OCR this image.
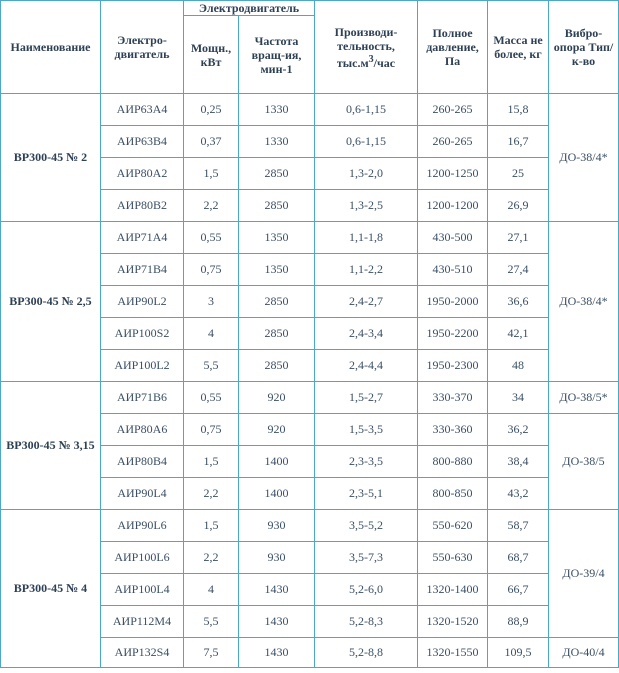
Наименование	Электро-двигатель	Электродвигатель		Производи-тельность, $тыс.м^3$/час	Полное давление, Па	Масса не более, кг	Вибро-опора Тип/к-во
		Мощн., кВт	Частота вращ-ия, мин-1				
ВР300-45 № 2	АИР63А4	0,25	1330	0,6-1,15	260-265	15,8	ДО-38/4*
	АИР63В4	0,37	1330	0,6-1,15	260-265	16,7	
	АИР80А2	1,5	2850	1,3-2,0	1200-1250	25	
	АИР80В2	2,2	2850	1,3-2,5	1200-1200	26,9	
ВР300-45 № 2,5	АИР71А4	0,55	1350	1,1-1,8	430-500	27,1	ДО-38/4*
	АИР71В4	0,75	1350	1,1-2,2	430-510	27,4	
	АИР90L2	3	2850	2,4-2,7	1950-2000	36,6	
	АИР100S2	4	2850	2,4-3,4	1950-2200	42,1	
	АИР100L2	5,5	2850	2,4-4,4	1950-2300	48	
ВР300-45 № 3,15	АИР71В6	0,55	920	1,5-2,7	330-370	34	ДО-38/5*
	АИР80А6	0,75	920	1,5-3,5	330-360	36,2	ДО-38/5
	АИР80В4	1,5	1400	2,3-3,5	800-880	38,4	
	АИР90L4	2,2	1400	2,3-5,1	800-850	43,2	
ВР300-45 № 4	АИР90L6	1,5	930	3,5-5,2	550-620	58,7	ДО-39/4
	АИР100L6	2,2	930	3,5-7,3	550-630	68,7	
	АИР100L4	4	1430	5,2-6,0	1320-1400	66,7	
	АИР112М4	5,5	1430	5,2-8,3	1320-1520	88,9	
	АИР132S4	7,5	1430	5,2-8,8	1320-1550	109,5	ДО-40/4
